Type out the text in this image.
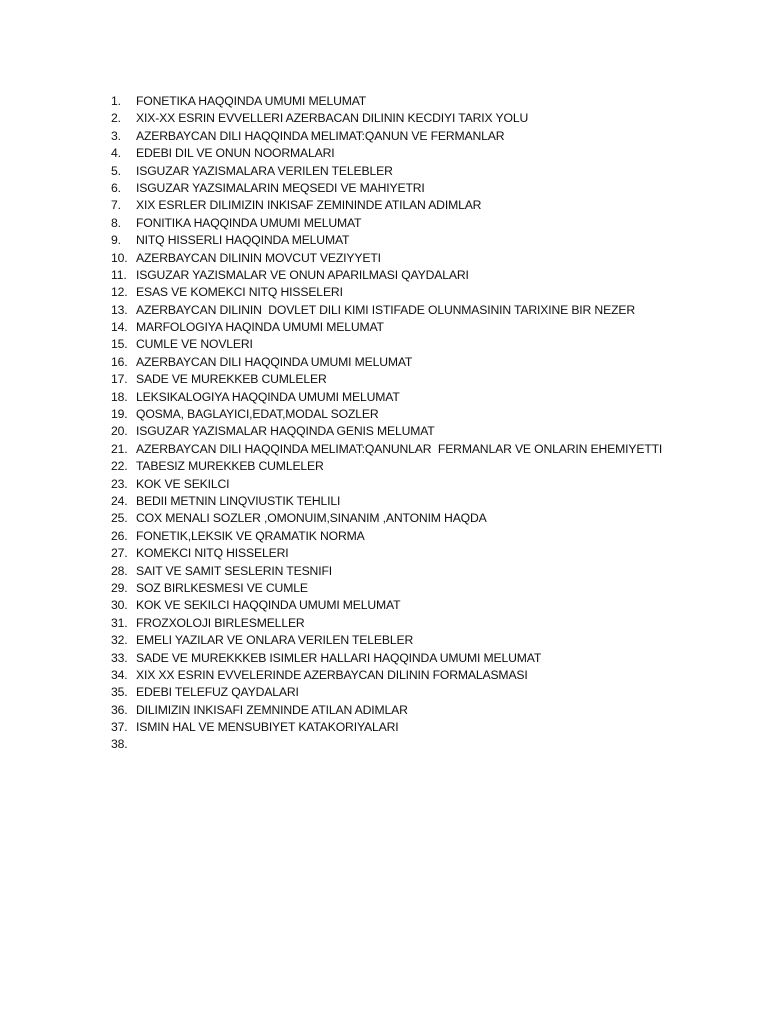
1.	FONETIKA HAQQINDA UMUMI MELUMAT
2.	XIX-XX ESRIN EVVELLERI AZERBACAN DILININ KECDIYI TARIX YOLU
3.	AZERBAYCAN DILI HAQQINDA MELIMAT:QANUN VE FERMANLAR
4.	EDEBI DIL VE ONUN NOORMALARI
5.	ISGUZAR YAZISMALARA VERILEN TELEBLER
6.	ISGUZAR YAZSIMALARIN MEQSEDI VE MAHIYETRI
7.	XIX ESRLER DILIMIZIN INKISAF ZEMININDE ATILAN ADIMLAR
8.	FONITIKA HAQQINDA UMUMI MELUMAT
9.	NITQ HISSERLI HAQQINDA MELUMAT
10. AZERBAYCAN DILININ MOVCUT VEZIYYETI
11. ISGUZAR YAZISMALAR VE ONUN APARILMASI QAYDALARI
12. ESAS VE KOMEKCI NITQ HISSELERI
13. AZERBAYCAN DILININ  DOVLET DILI KIMI ISTIFADE OLUNMASININ TARIXINE BIR NEZER
14. MARFOLOGIYA HAQINDA UMUMI MELUMAT
15. CUMLE VE NOVLERI
16. AZERBAYCAN DILI HAQQINDA UMUMI MELUMAT
17. SADE VE MUREKKEB CUMLELER
18. LEKSIKALOGIYA HAQQINDA UMUMI MELUMAT
19. QOSMA, BAGLAYICI,EDAT,MODAL SOZLER
20. ISGUZAR YAZISMALAR HAQQINDA GENIS MELUMAT
21. AZERBAYCAN DILI HAQQINDA MELIMAT:QANUNLAR  FERMANLAR VE ONLARIN EHEMIYETTI
22. TABESIZ MUREKKEB CUMLELER
23. KOK VE SEKILCI
24. BEDII METNIN LINQVIUSTIK TEHLILI
25. COX MENALI SOZLER ,OMONUIM,SINANIM ,ANTONIM HAQDA
26. FONETIK,LEKSIK VE QRAMATIK NORMA
27. KOMEKCI NITQ HISSELERI
28. SAIT VE SAMIT SESLERIN TESNIFI
29. SOZ BIRLKESMESI VE CUMLE
30. KOK VE SEKILCI HAQQINDA UMUMI MELUMAT
31. FROZXOLOJI BIRLESMELLER
32. EMELI YAZILAR VE ONLARA VERILEN TELEBLER
33. SADE VE MUREKKKEB ISIMLER HALLARI HAQQINDA UMUMI MELUMAT
34. XIX XX ESRIN EVVELERINDE AZERBAYCAN DILININ FORMALASMASI
35. EDEBI TELEFUZ QAYDALARI
36. DILIMIZIN INKISAFI ZEMNINDE ATILAN ADIMLAR
37. ISMIN HAL VE MENSUBIYET KATAKORIYALARI
38.
